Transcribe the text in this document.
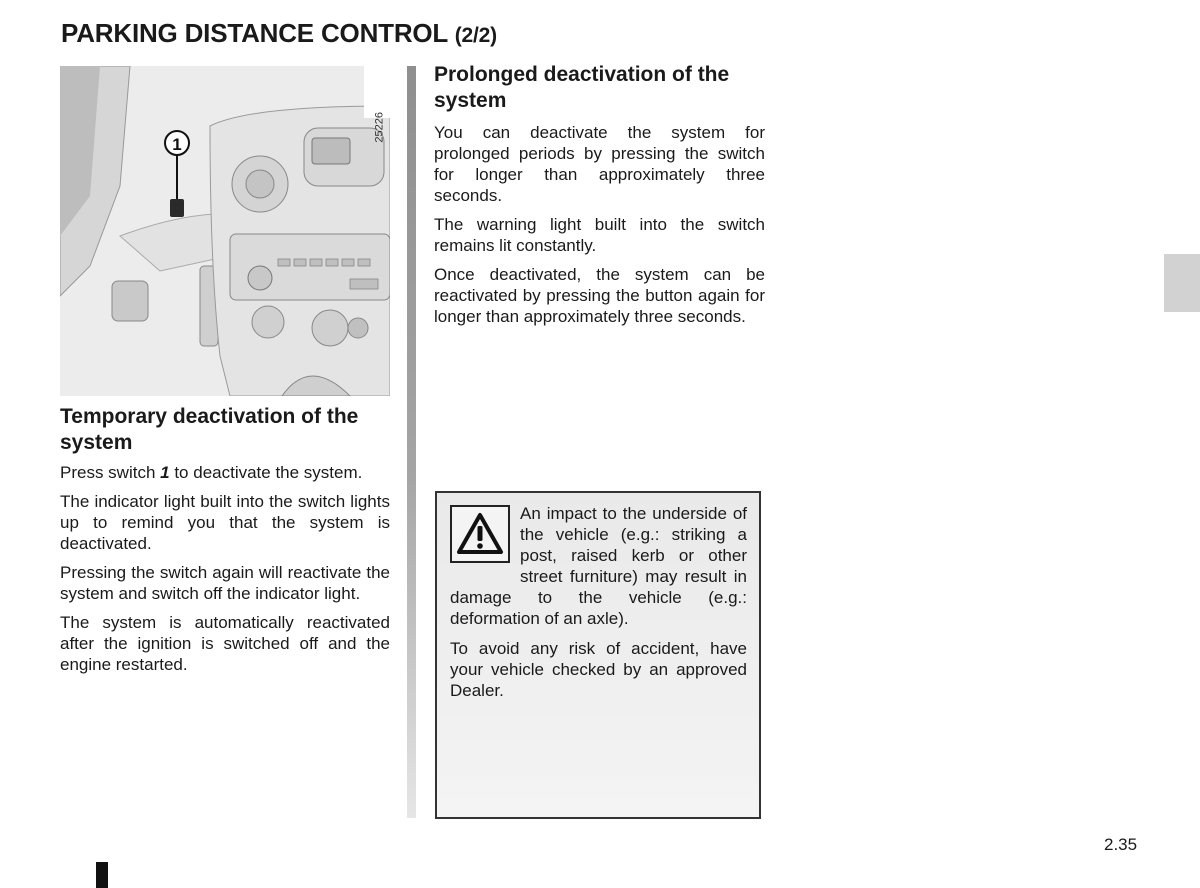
PARKING DISTANCE CONTROL (2/2)
1
25226
Temporary deactivation of the system

Press switch 1 to deactivate the system.

The indicator light built into the switch lights up to remind you that the system is deactivated.

Pressing the switch again will reactivate the system and switch off the indicator light.

The system is automatically reactivated after the ignition is switched off and the engine restarted.

Prolonged deactivation of the system

You can deactivate the system for prolonged periods by pressing the switch for longer than approximately three seconds.

The warning light built into the switch remains lit constantly.

Once deactivated, the system can be reactivated by pressing the button again for longer than approximately three seconds.

An impact to the underside of the vehicle (e.g.: striking a post, raised kerb or other street furniture) may result in damage to the vehicle (e.g.: deformation of an axle).

To avoid any risk of accident, have your vehicle checked by an approved Dealer.

2.35
